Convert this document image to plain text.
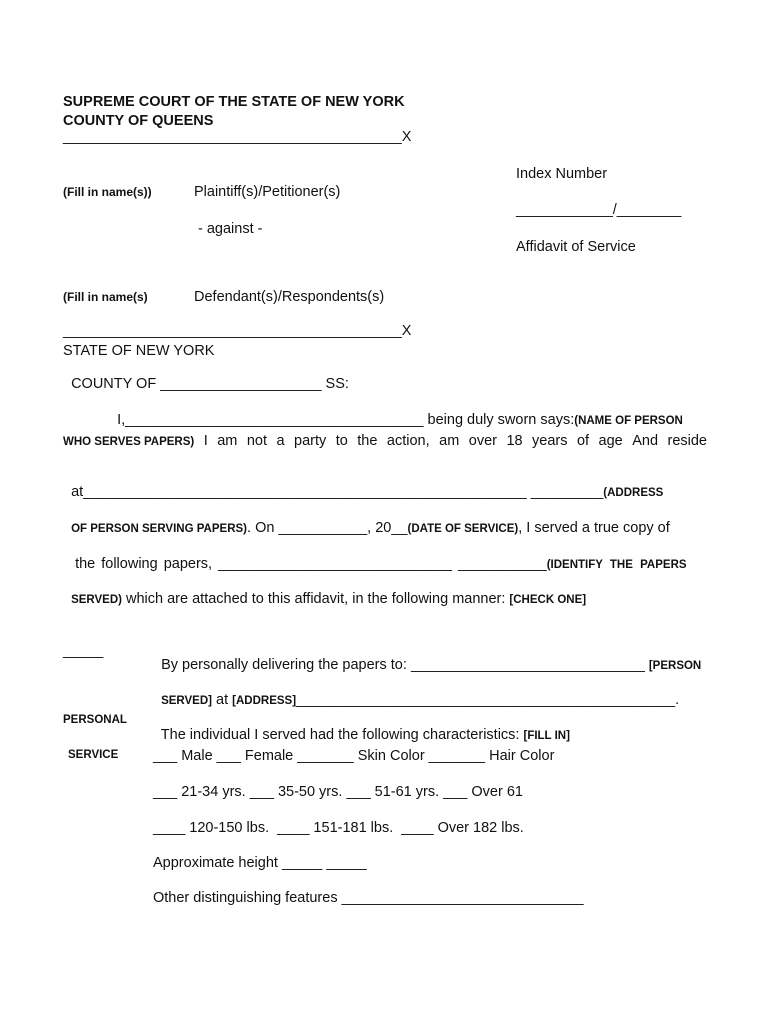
SUPREME COURT OF THE STATE OF NEW YORK
COUNTY OF QUEENS
__________________________________________X
(Fill in name(s))	Plaintiff(s)/Petitioner(s)
- against -
(Fill in name(s)	Defendant(s)/Respondents(s)
Index Number
____________/________
Affidavit of Service
__________________________________________X
STATE OF NEW YORK

COUNTY OF ____________________ SS:

I,_____________________________________ being duly sworn says:(NAME OF PERSON

WHO SERVES PAPERS) I am not a party to the action, am over 18 years of age And reside

at_______________________________________________________ _________(ADDRESS

OF PERSON SERVING PAPERS). On ___________, 20__(DATE OF SERVICE), I served a true copy of

the following papers, _____________________________ ___________(IDENTIFY THE PAPERS

SERVED) which are attached to this affidavit, in the following manner: [CHECK ONE]

_____

By personally delivering the papers to: _____________________________ [PERSON

SERVED] at [ADDRESS]_______________________________________________.

PERSONAL
SERVICE

The individual I served had the following characteristics: [FILL IN]

___ Male ___ Female _______ Skin Color _______ Hair Color
___ 21-34 yrs. ___ 35-50 yrs. ___ 51-61 yrs. ___ Over 61
____ 120-150 lbs.  ____ 151-181 lbs.  ____ Over 182 lbs.
Approximate height _____ _____
Other distinguishing features ______________________________
